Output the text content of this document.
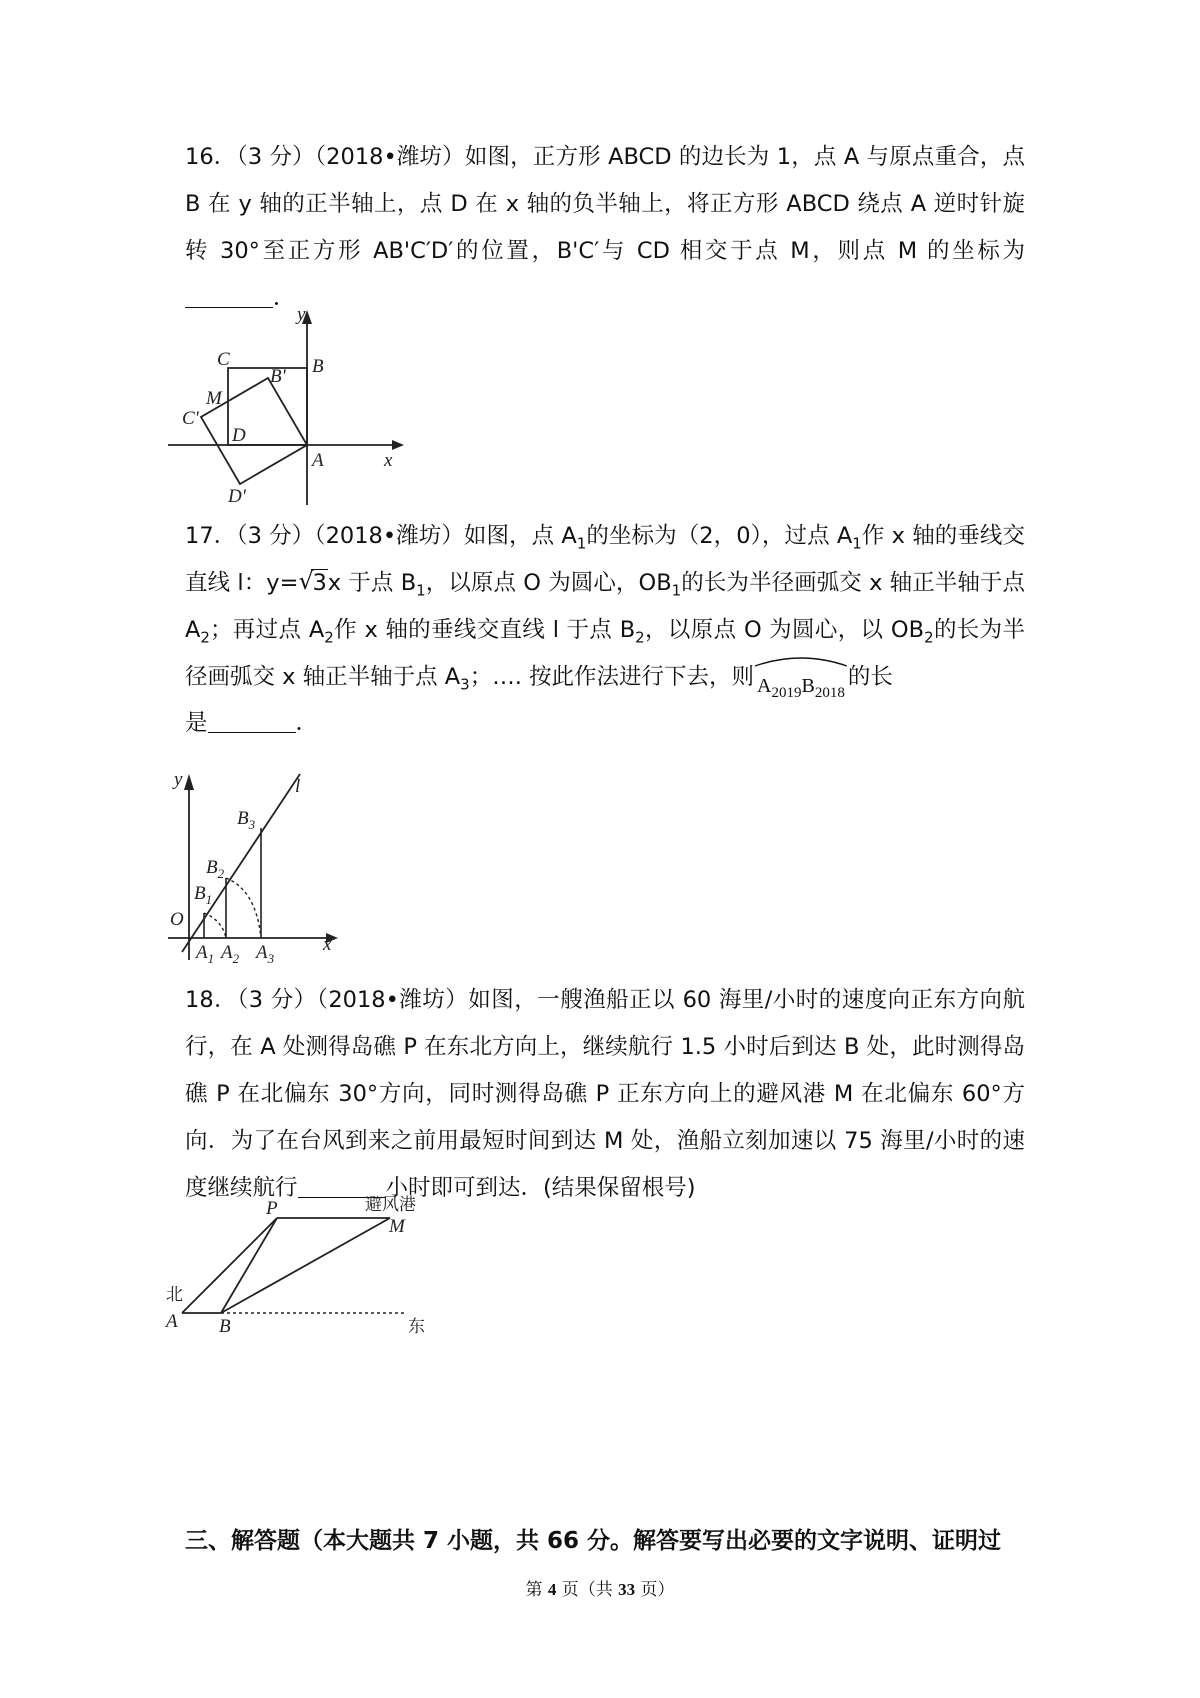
16．（3 分）（2018•潍坊）如图，正方形 ABCD 的边长为 1，点 A 与原点重合，点 B 在 y 轴的正半轴上，点 D 在 x 轴的负半轴上，将正方形 ABCD 绕点 A 逆时针旋转 30°至正方形 AB'C′D′的位置，B'C′与 CD 相交于点 M，则点 M 的坐标为．

y
x
C	B
B'
M
C'
D
A
D'

17．（3 分）（2018•潍坊）如图，点 $A_1$的坐标为（2，0），过点 $A_1$作 x 轴的垂线交直线 l：y= √
3x 于点 $B_1$，以原点 O 为圆心，$OB_1$的长为半径画弧交 x 轴正半轴于点 $A_2$；再过点 $A_2$作 x 轴的垂线交直线 l 于点 $B_2$，以原点 O 为圆心，以 $OB_2$的长为半径画弧交 x 轴正半轴于点 $A_3$；…. 按此作法进行下去，则 $A_{2019}B_{2018}$的长

是	．

y	l
$B_3$
$B_2$
$B_1$
O
x
$A_1$ $A_2$ $A_3$

18．（3 分）（2018•潍坊）如图，一艘渔船正以 60 海里/小时的速度向正东方向航行，在 A 处测得岛礁 P 在东北方向上，继续航行 1.5 小时后到达 B 处，此时测得岛礁 P 在北偏东 30°方向，同时测得岛礁 P 正东方向上的避风港 M 在北偏东 60°方向．为了在台风到来之前用最短时间到达 M 处，渔船立刻加速以 75 海里/小时的速度继续航行	小时即可到达．(结果保留根号)

P	避风港
M
北
A B	东

三、解答题（本大题共 7 小题，共 66 分。解答要写出必要的文字说明、证明过

第 4 页（共 33 页）
